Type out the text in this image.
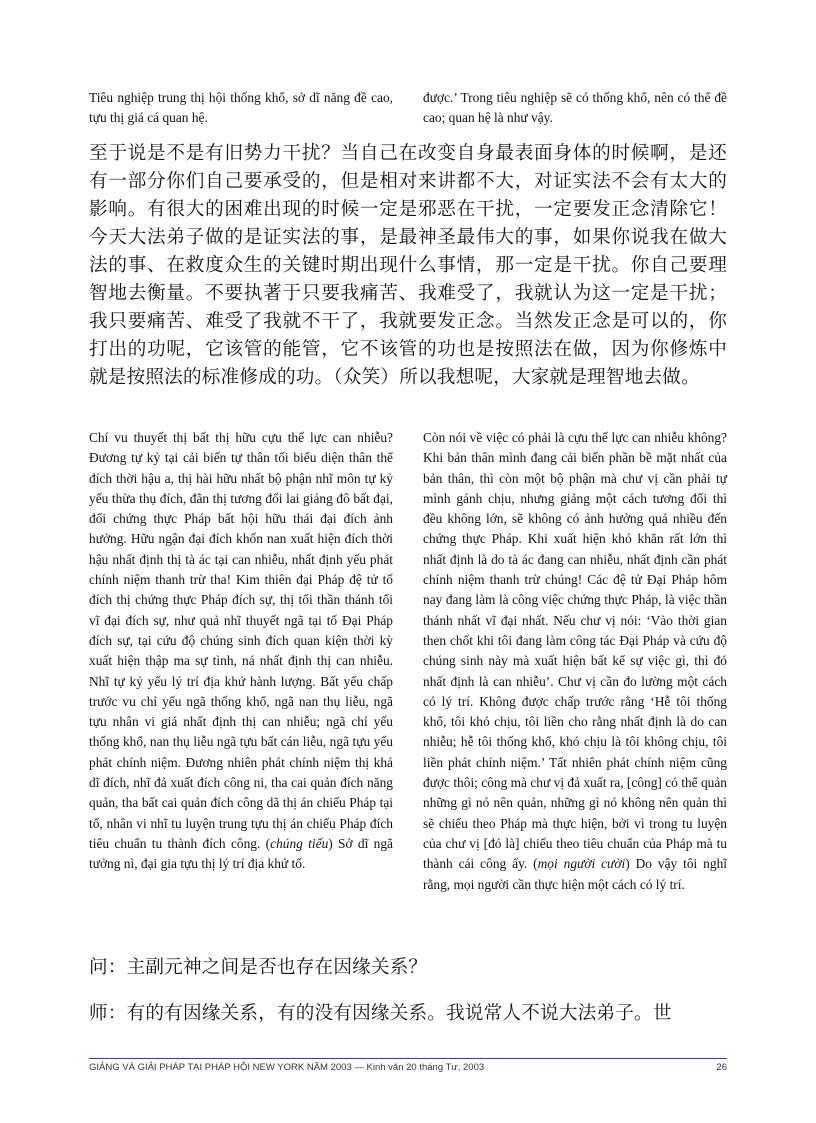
Tiêu nghiệp trung thị hội thống khổ, sở dĩ năng đề cao, tựu thị giá cá quan hệ.
được.’ Trong tiêu nghiệp sẽ có thống khổ, nên có thể đề cao; quan hệ là như vậy.
至于说是不是有旧势力干扰？当自己在改变自身最表面身体的时候啊，是还有一部分你们自己要承受的，但是相对来讲都不大，对证实法不会有太大的影响。有很大的困难出现的时候一定是邪恶在干扰，一定要发正念清除它！今天大法弟子做的是证实法的事，是最神圣最伟大的事，如果你说我在做大法的事、在救度众生的关键时期出现什么事情，那一定是干扰。你自己要理智地去衡量。不要执著于只要我痛苦、我难受了，我就认为这一定是干扰；我只要痛苦、难受了我就不干了，我就要发正念。当然发正念是可以的，你打出的功呢，它该管的能管，它不该管的功也是按照法在做，因为你修炼中就是按照法的标准修成的功。（众笑）所以我想呢，大家就是理智地去做。
Chí vu thuyết thị bất thị hữu cựu thế lực can nhiễu? Đương tự kỷ tại cải biến tự thân tối biểu diện thân thể đích thời hậu a, thị hài hữu nhất bộ phận nhĩ môn tự kỷ yếu thừa thụ đích, đãn thị tương đối lai giảng đô bất đại, đối chứng thực Pháp bất hội hữu thái đại đích ảnh hưởng. Hữu ngận đại đích khốn nan xuất hiện đích thời hậu nhất định thị tà ác tại can nhiễu, nhất định yếu phát chính niệm thanh trừ tha! Kim thiên đại Pháp đệ tử tố đích thị chứng thực Pháp đích sự, thị tối thần thánh tối vĩ đại đích sự, như quả nhĩ thuyết ngã tại tố Đại Pháp đích sự, tại cứu độ chúng sinh đích quan kiện thời kỳ xuất hiện thập ma sự tình, ná nhất định thị can nhiễu. Nhĩ tự kỷ yếu lý trí địa khứ hành lượng. Bất yếu chấp trước vu chỉ yếu ngã thống khổ, ngã nan thụ liễu, ngã tựu nhân vi giá nhất định thị can nhiễu; ngã chỉ yếu thống khổ, nan thụ liễu ngã tựu bất cán liễu, ngã tựu yếu phát chính niệm. Đương nhiên phát chính niệm thị khả dĩ đích, nhĩ đả xuất đích công ni, tha cai quản đích năng quản, tha bất cai quản đích công dã thị án chiếu Pháp tại tố, nhân vi nhĩ tu luyện trung tựu thị án chiếu Pháp đích tiêu chuẩn tu thành đích công. (chúng tiếu) Sở dĩ ngã tưởng nì, đại gia tựu thị lý trí địa khứ tố.
Còn nói về việc có phải là cựu thế lực can nhiễu không? Khi bản thân mình đang cải biến phần bề mặt nhất của bản thân, thì còn một bộ phận mà chư vị cần phải tự mình gánh chịu, nhưng giảng một cách tương đối thì đều không lớn, sẽ không có ảnh hưởng quá nhiều đến chứng thực Pháp. Khi xuất hiện khó khăn rất lớn thì nhất định là do tà ác đang can nhiễu, nhất định cần phát chính niệm thanh trừ chúng! Các đệ tử Đại Pháp hôm nay đang làm là công việc chứng thực Pháp, là việc thần thánh nhất vĩ đại nhất. Nếu chư vị nói: ‘Vào thời gian then chốt khi tôi đang làm công tác Đại Pháp và cứu độ chúng sinh này mà xuất hiện bất kể sự việc gì, thì đó nhất định là can nhiễu’. Chư vị cần đo lường một cách có lý trí. Không được chấp trước rằng ‘Hễ tôi thống khổ, tôi khó chịu, tôi liền cho rằng nhất định là do can nhiễu; hễ tôi thống khổ, khó chịu là tôi không chịu, tôi liền phát chính niệm.’ Tất nhiên phát chính niệm cũng được thôi; công mà chư vị đả xuất ra, [công] có thể quản những gì nó nên quản, những gì nó không nên quản thì sẽ chiếu theo Pháp mà thực hiện, bởi vì trong tu luyện của chư vị [đó là] chiếu theo tiêu chuẩn của Pháp mà tu thành cái công ấy. (mọi người cười) Do vậy tôi nghĩ rằng, mọi người cần thực hiện một cách có lý trí.
问：主副元神之间是否也存在因缘关系？
师：有的有因缘关系，有的没有因缘关系。我说常人不说大法弟子。世
GIẢNG VÀ GIẢI PHÁP TẠI PHÁP HỘI NEW YORK NĂM 2003 — Kinh văn 20 tháng Tư, 2003	26
